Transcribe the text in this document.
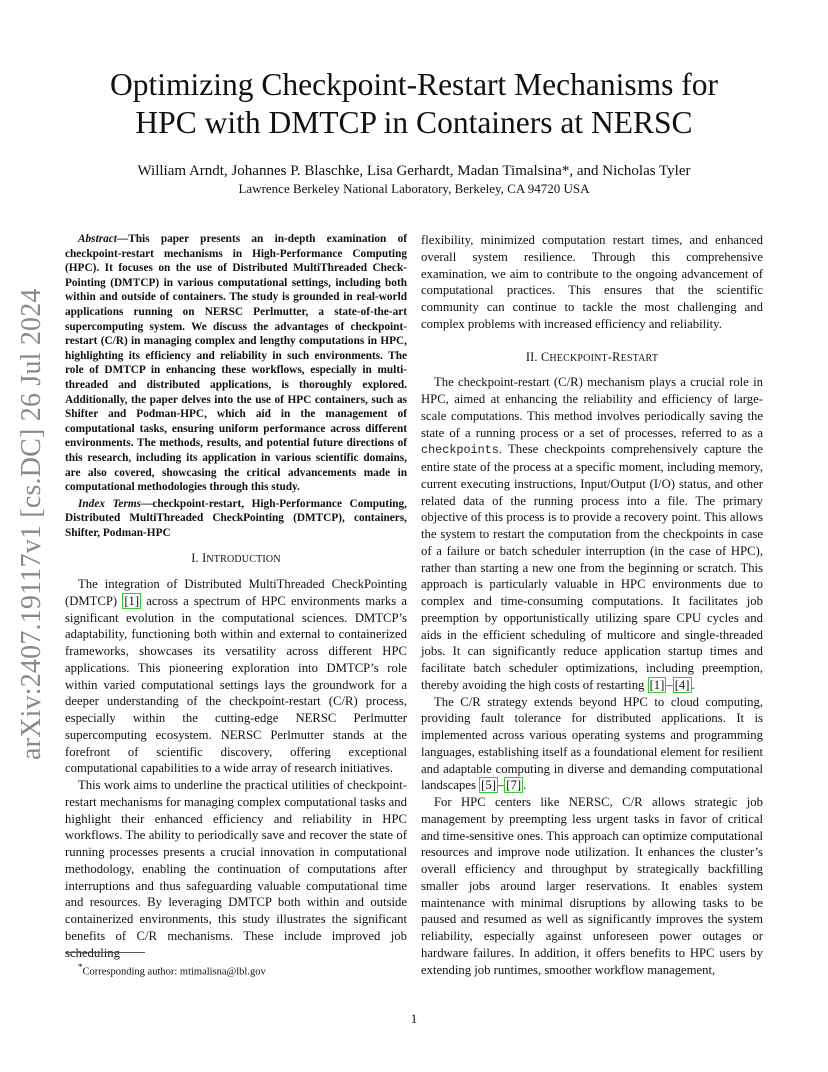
arXiv:2407.19117v1 [cs.DC] 26 Jul 2024
Optimizing Checkpoint-Restart Mechanisms for
HPC with DMTCP in Containers at NERSC
William Arndt, Johannes P. Blaschke, Lisa Gerhardt, Madan Timalsina*, and Nicholas Tyler
Lawrence Berkeley National Laboratory, Berkeley, CA 94720 USA

Abstract—This paper presents an in-depth examination of checkpoint-restart mechanisms in High-Performance Computing (HPC). It focuses on the use of Distributed MultiThreaded Check-Pointing (DMTCP) in various computational settings, including both within and outside of containers. The study is grounded in real-world applications running on NERSC Perlmutter, a state-of-the-art supercomputing system. We discuss the advantages of checkpoint-restart (C/R) in managing complex and lengthy computations in HPC, highlighting its efficiency and reliability in such environments. The role of DMTCP in enhancing these workflows, especially in multi-threaded and distributed applications, is thoroughly explored. Additionally, the paper delves into the use of HPC containers, such as Shifter and Podman-HPC, which aid in the management of computational tasks, ensuring uniform performance across different environments. The methods, results, and potential future directions of this research, including its application in various scientific domains, are also covered, showcasing the critical advancements made in computational methodologies through this study.

Index Terms—checkpoint-restart, High-Performance Computing, Distributed MultiThreaded CheckPointing (DMTCP), containers, Shifter, Podman-HPC

I. INTRODUCTION

The integration of Distributed MultiThreaded CheckPointing (DMTCP) [1] across a spectrum of HPC environments marks a significant evolution in the computational sciences. DMTCP’s adaptability, functioning both within and external to containerized frameworks, showcases its versatility across different HPC applications. This pioneering exploration into DMTCP’s role within varied computational settings lays the groundwork for a deeper understanding of the checkpoint-restart (C/R) process, especially within the cutting-edge NERSC Perlmutter supercomputing ecosystem. NERSC Perlmutter stands at the forefront of scientific discovery, offering exceptional computational capabilities to a wide array of research initiatives.

This work aims to underline the practical utilities of checkpoint-restart mechanisms for managing complex computational tasks and highlight their enhanced efficiency and reliability in HPC workflows. The ability to periodically save and recover the state of running processes presents a crucial innovation in computational methodology, enabling the continuation of computations after interruptions and thus safeguarding valuable computational time and resources. By leveraging DMTCP both within and outside containerized environments, this study illustrates the significant benefits of C/R mechanisms. These include improved job scheduling

flexibility, minimized computation restart times, and enhanced overall system resilience. Through this comprehensive examination, we aim to contribute to the ongoing advancement of computational practices. This ensures that the scientific community can continue to tackle the most challenging and complex problems with increased efficiency and reliability.

II. CHECKPOINT-RESTART

The checkpoint-restart (C/R) mechanism plays a crucial role in HPC, aimed at enhancing the reliability and efficiency of large-scale computations. This method involves periodically saving the state of a running process or a set of processes, referred to as a checkpoints. These checkpoints comprehensively capture the entire state of the process at a specific moment, including memory, current executing instructions, Input/Output (I/O) status, and other related data of the running process into a file. The primary objective of this process is to provide a recovery point. This allows the system to restart the computation from the checkpoints in case of a failure or batch scheduler interruption (in the case of HPC), rather than starting a new one from the beginning or scratch. This approach is particularly valuable in HPC environments due to complex and time-consuming computations. It facilitates job preemption by opportunistically utilizing spare CPU cycles and aids in the efficient scheduling of multicore and single-threaded jobs. It can significantly reduce application startup times and facilitate batch scheduler optimizations, including preemption, thereby avoiding the high costs of restarting [1] – [4] .

The C/R strategy extends beyond HPC to cloud computing, providing fault tolerance for distributed applications. It is implemented across various operating systems and programming languages, establishing itself as a foundational element for resilient and adaptable computing in diverse and demanding computational landscapes [5] – [7] .

For HPC centers like NERSC, C/R allows strategic job management by preempting less urgent tasks in favor of critical and time-sensitive ones. This approach can optimize computational resources and improve node utilization. It enhances the cluster’s overall efficiency and throughput by strategically backfilling smaller jobs around larger reservations. It enables system maintenance with minimal disruptions by allowing tasks to be paused and resumed as well as significantly improves the system reliability, especially against unforeseen power outages or hardware failures. In addition, it offers benefits to HPC users by extending job runtimes, smoother workflow management,

*Corresponding author: mtimalisna@lbl.gov
1
